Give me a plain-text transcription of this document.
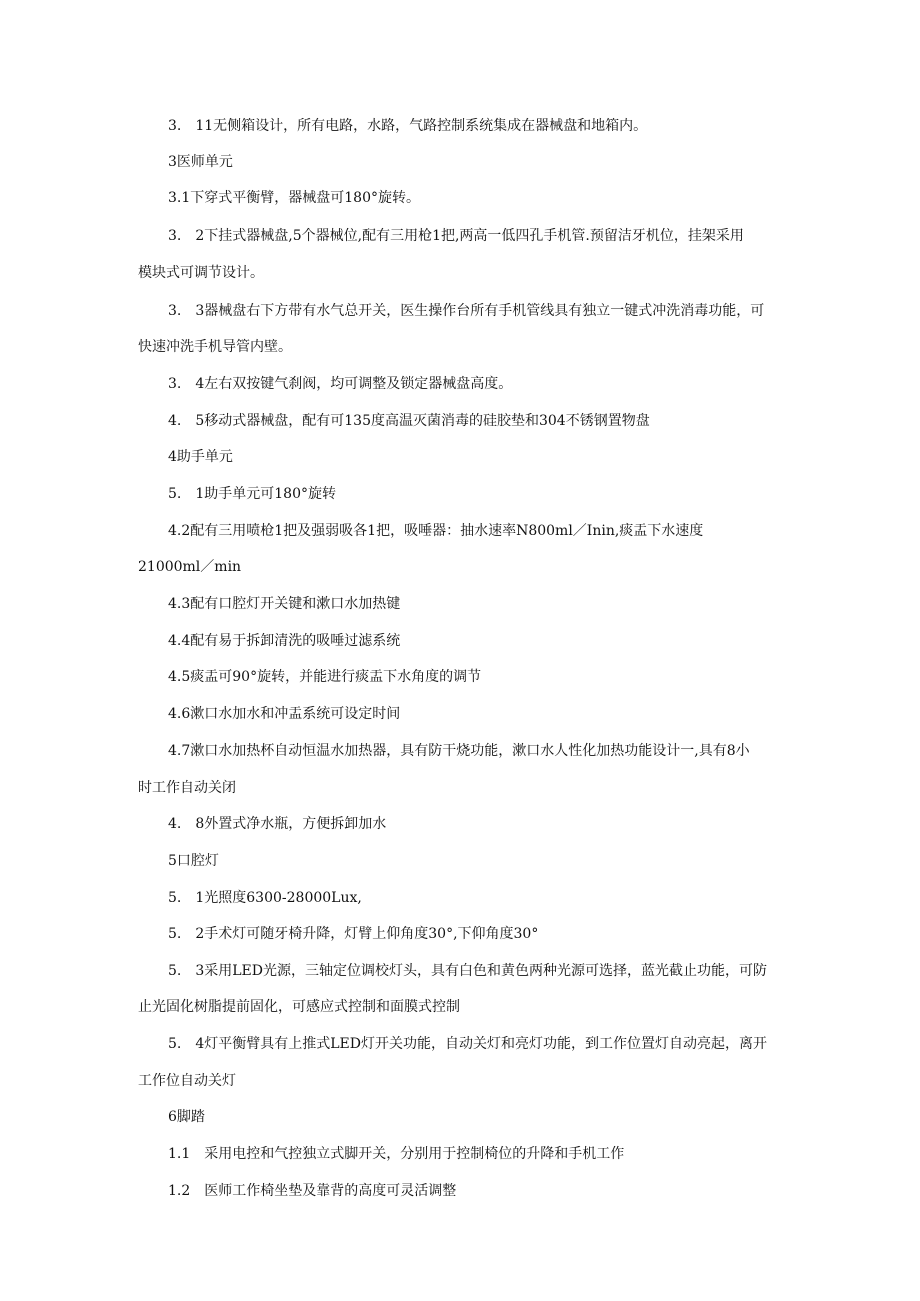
3.　11无侧箱设计，所有电路，水路，气路控制系统集成在器械盘和地箱内。
3医师单元
3.1下穿式平衡臂，器械盘可180°旋转。
3.　2下挂式器械盘,5个器械位,配有三用枪1把,两高一低四孔手机管.预留洁牙机位，挂架采用
模块式可调节设计。
3.　3器械盘右下方带有水气总开关，医生操作台所有手机管线具有独立一键式冲洗消毒功能，可
快速冲洗手机导管内壁。
3.　4左右双按键气刹阀，均可调整及锁定器械盘高度。
4.　5移动式器械盘，配有可135度高温灭菌消毒的硅胶垫和304不锈钢置物盘
4助手单元
5.　1助手单元可180°旋转
4.2配有三用喷枪1把及强弱吸各1把，吸唾器：抽水速率N800ml／Inin,痰盂下水速度
21000ml／min
4.3配有口腔灯开关键和漱口水加热键
4.4配有易于拆卸清洗的吸唾过滤系统
4.5痰盂可90°旋转，并能进行痰盂下水角度的调节
4.6漱口水加水和冲盂系统可设定时间
4.7漱口水加热杯自动恒温水加热器，具有防干烧功能，漱口水人性化加热功能设计一,具有8小
时工作自动关闭
4.　8外置式净水瓶，方便拆卸加水
5口腔灯
5.　1光照度6300-28000Lux,
5.　2手术灯可随牙椅升降，灯臂上仰角度30°,下仰角度30°
5.　3采用LED光源，三轴定位调校灯头，具有白色和黄色两种光源可选择，蓝光截止功能，可防
止光固化树脂提前固化，可感应式控制和面膜式控制
5.　4灯平衡臂具有上推式LED灯开关功能，自动关灯和亮灯功能，到工作位置灯自动亮起，离开
工作位自动关灯
6脚踏
1.1　采用电控和气控独立式脚开关，分别用于控制椅位的升降和手机工作
1.2　医师工作椅坐垫及靠背的高度可灵活调整
